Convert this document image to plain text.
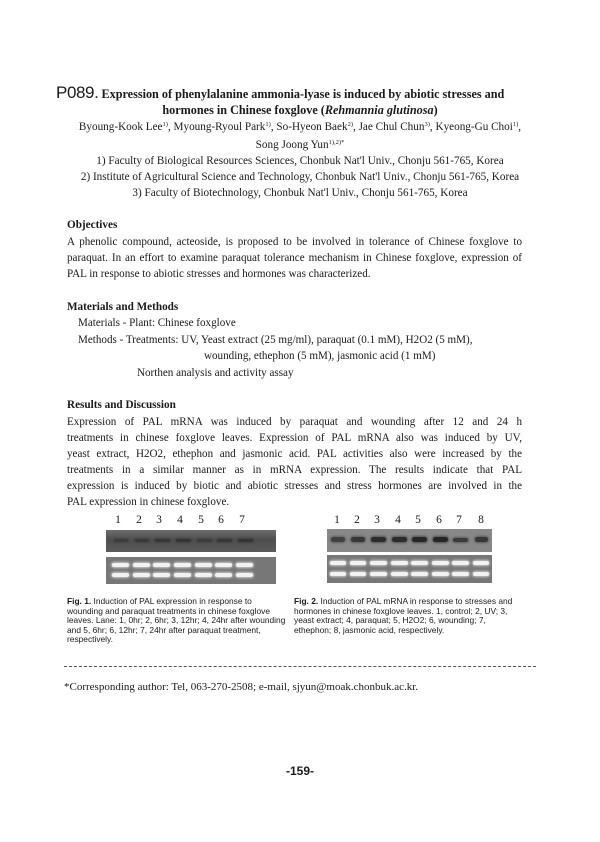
P089. Expression of phenylalanine ammonia-lyase is induced by abiotic stresses and
hormones in Chinese foxglove (Rehmannia glutinosa)
Byoung-Kook Lee$^{1)}$, Myoung-Ryoul Park$^{1)}$, So-Hyeon Baek$^{2)}$, Jae Chul Chun$^{3)}$, Kyeong-Gu Choi$^{1)}$,
Song Joong Yun$^{1),2)*}$
1) Faculty of Biological Resources Sciences, Chonbuk Nat'l Univ., Chonju 561-765, Korea
2) Institute of Agricultural Science and Technology, Chonbuk Nat'l Univ., Chonju 561-765, Korea
3) Faculty of Biotechnology, Chonbuk Nat'l Univ., Chonju 561-765, Korea
Objectives
A phenolic compound, acteoside, is proposed to be involved in tolerance of Chinese foxglove to paraquat. In an effort to examine paraquat tolerance mechanism in Chinese foxglove, expression of PAL in response to abiotic stresses and hormones was characterized.
Materials and Methods
Materials - Plant: Chinese foxglove
Methods - Treatments: UV, Yeast extract (25 mg/ml), paraquat (0.1 mM), H2O2 (5 mM),
wounding, ethephon (5 mM), jasmonic acid (1 mM)
Northen analysis and activity assay
Results and Discussion
Expression of PAL mRNA was induced by paraquat and wounding after 12 and 24 h
treatments in chinese foxglove leaves. Expression of PAL mRNA also was induced by UV,
yeast extract, H2O2, ethephon and jasmonic acid. PAL activities also were increased by the
treatments in a similar manner as in mRNA expression. The results indicate that PAL
expression is induced by biotic and abiotic stresses and stress hormones are involved in the
PAL expression in chinese foxglove.
1 2 3 4 5 6 7	1 2 3 4 5 6 7 8
Fig. 1. Induction of PAL expression in response to wounding and paraquat treatments in chinese foxglove leaves. Lane: 1, 0hr; 2, 6hr; 3, 12hr; 4, 24hr after wounding and 5, 6hr; 6, 12hr; 7, 24hr after paraquat treatment, respectively.
Fig. 2. Induction of PAL mRNA in response to stresses and hormones in chinese foxglove leaves. 1, control; 2, UV; 3, yeast extract; 4, paraquat; 5, H2O2; 6, wounding; 7, ethephon; 8, jasmonic acid, respectively.
*Corresponding author: Tel, 063-270-2508; e-mail, sjyun@moak.chonbuk.ac.kr.
-159-
